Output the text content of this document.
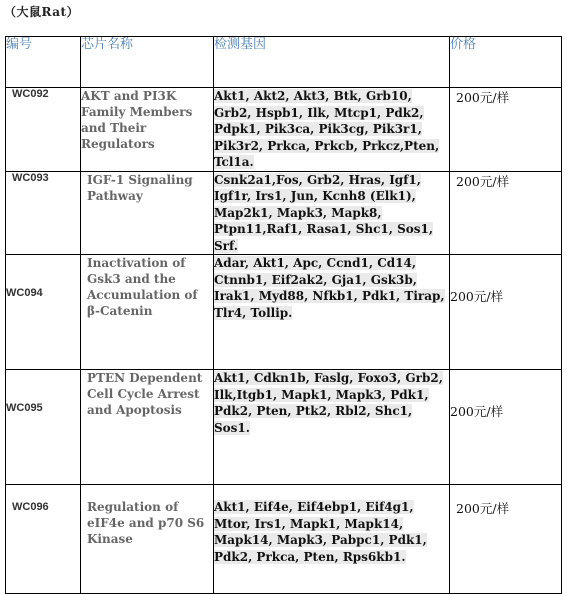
（大鼠Rat）
编号	芯片名称	检测基因	价格
WC092	AKT and PI3K Family Members and Their Regulators	Akt1, Akt2, Akt3, Btk, Grb10, Grb2, Hspb1, Ilk, Mtcp1, Pdk2, Pdpk1, Pik3ca, Pik3cg, Pik3r1, Pik3r2, Prkca, Prkcb, Prkcz,Pten, Tcl1a.	200元/样
WC093	IGF-1 Signaling Pathway	Csnk2a1,Fos, Grb2, Hras, Igf1, Igf1r, Irs1, Jun, Kcnh8 (Elk1), Map2k1, Mapk3, Mapk8, Ptpn11,Raf1, Rasa1, Shc1, Sos1, Srf.	200元/样
WC094	Inactivation of Gsk3 and the Accumulation of β-Catenin	Adar, Akt1, Apc, Ccnd1, Cd14, Ctnnb1, Eif2ak2, Gja1, Gsk3b, Irak1, Myd88, Nfkb1, Pdk1, Tirap, Tlr4, Tollip.	200元/样
WC095	PTEN Dependent Cell Cycle Arrest and Apoptosis	Akt1, Cdkn1b, Faslg, Foxo3, Grb2, Ilk,Itgb1, Mapk1, Mapk3, Pdk1, Pdk2, Pten, Ptk2, Rbl2, Shc1, Sos1.	200元/样
WC096	Regulation of eIF4e and p70 S6 Kinase	Akt1, Eif4e, Eif4ebp1, Eif4g1, Mtor, Irs1, Mapk1, Mapk14, Mapk14, Mapk3, Pabpc1, Pdk1, Pdk2, Prkca, Pten, Rps6kb1.	200元/样
